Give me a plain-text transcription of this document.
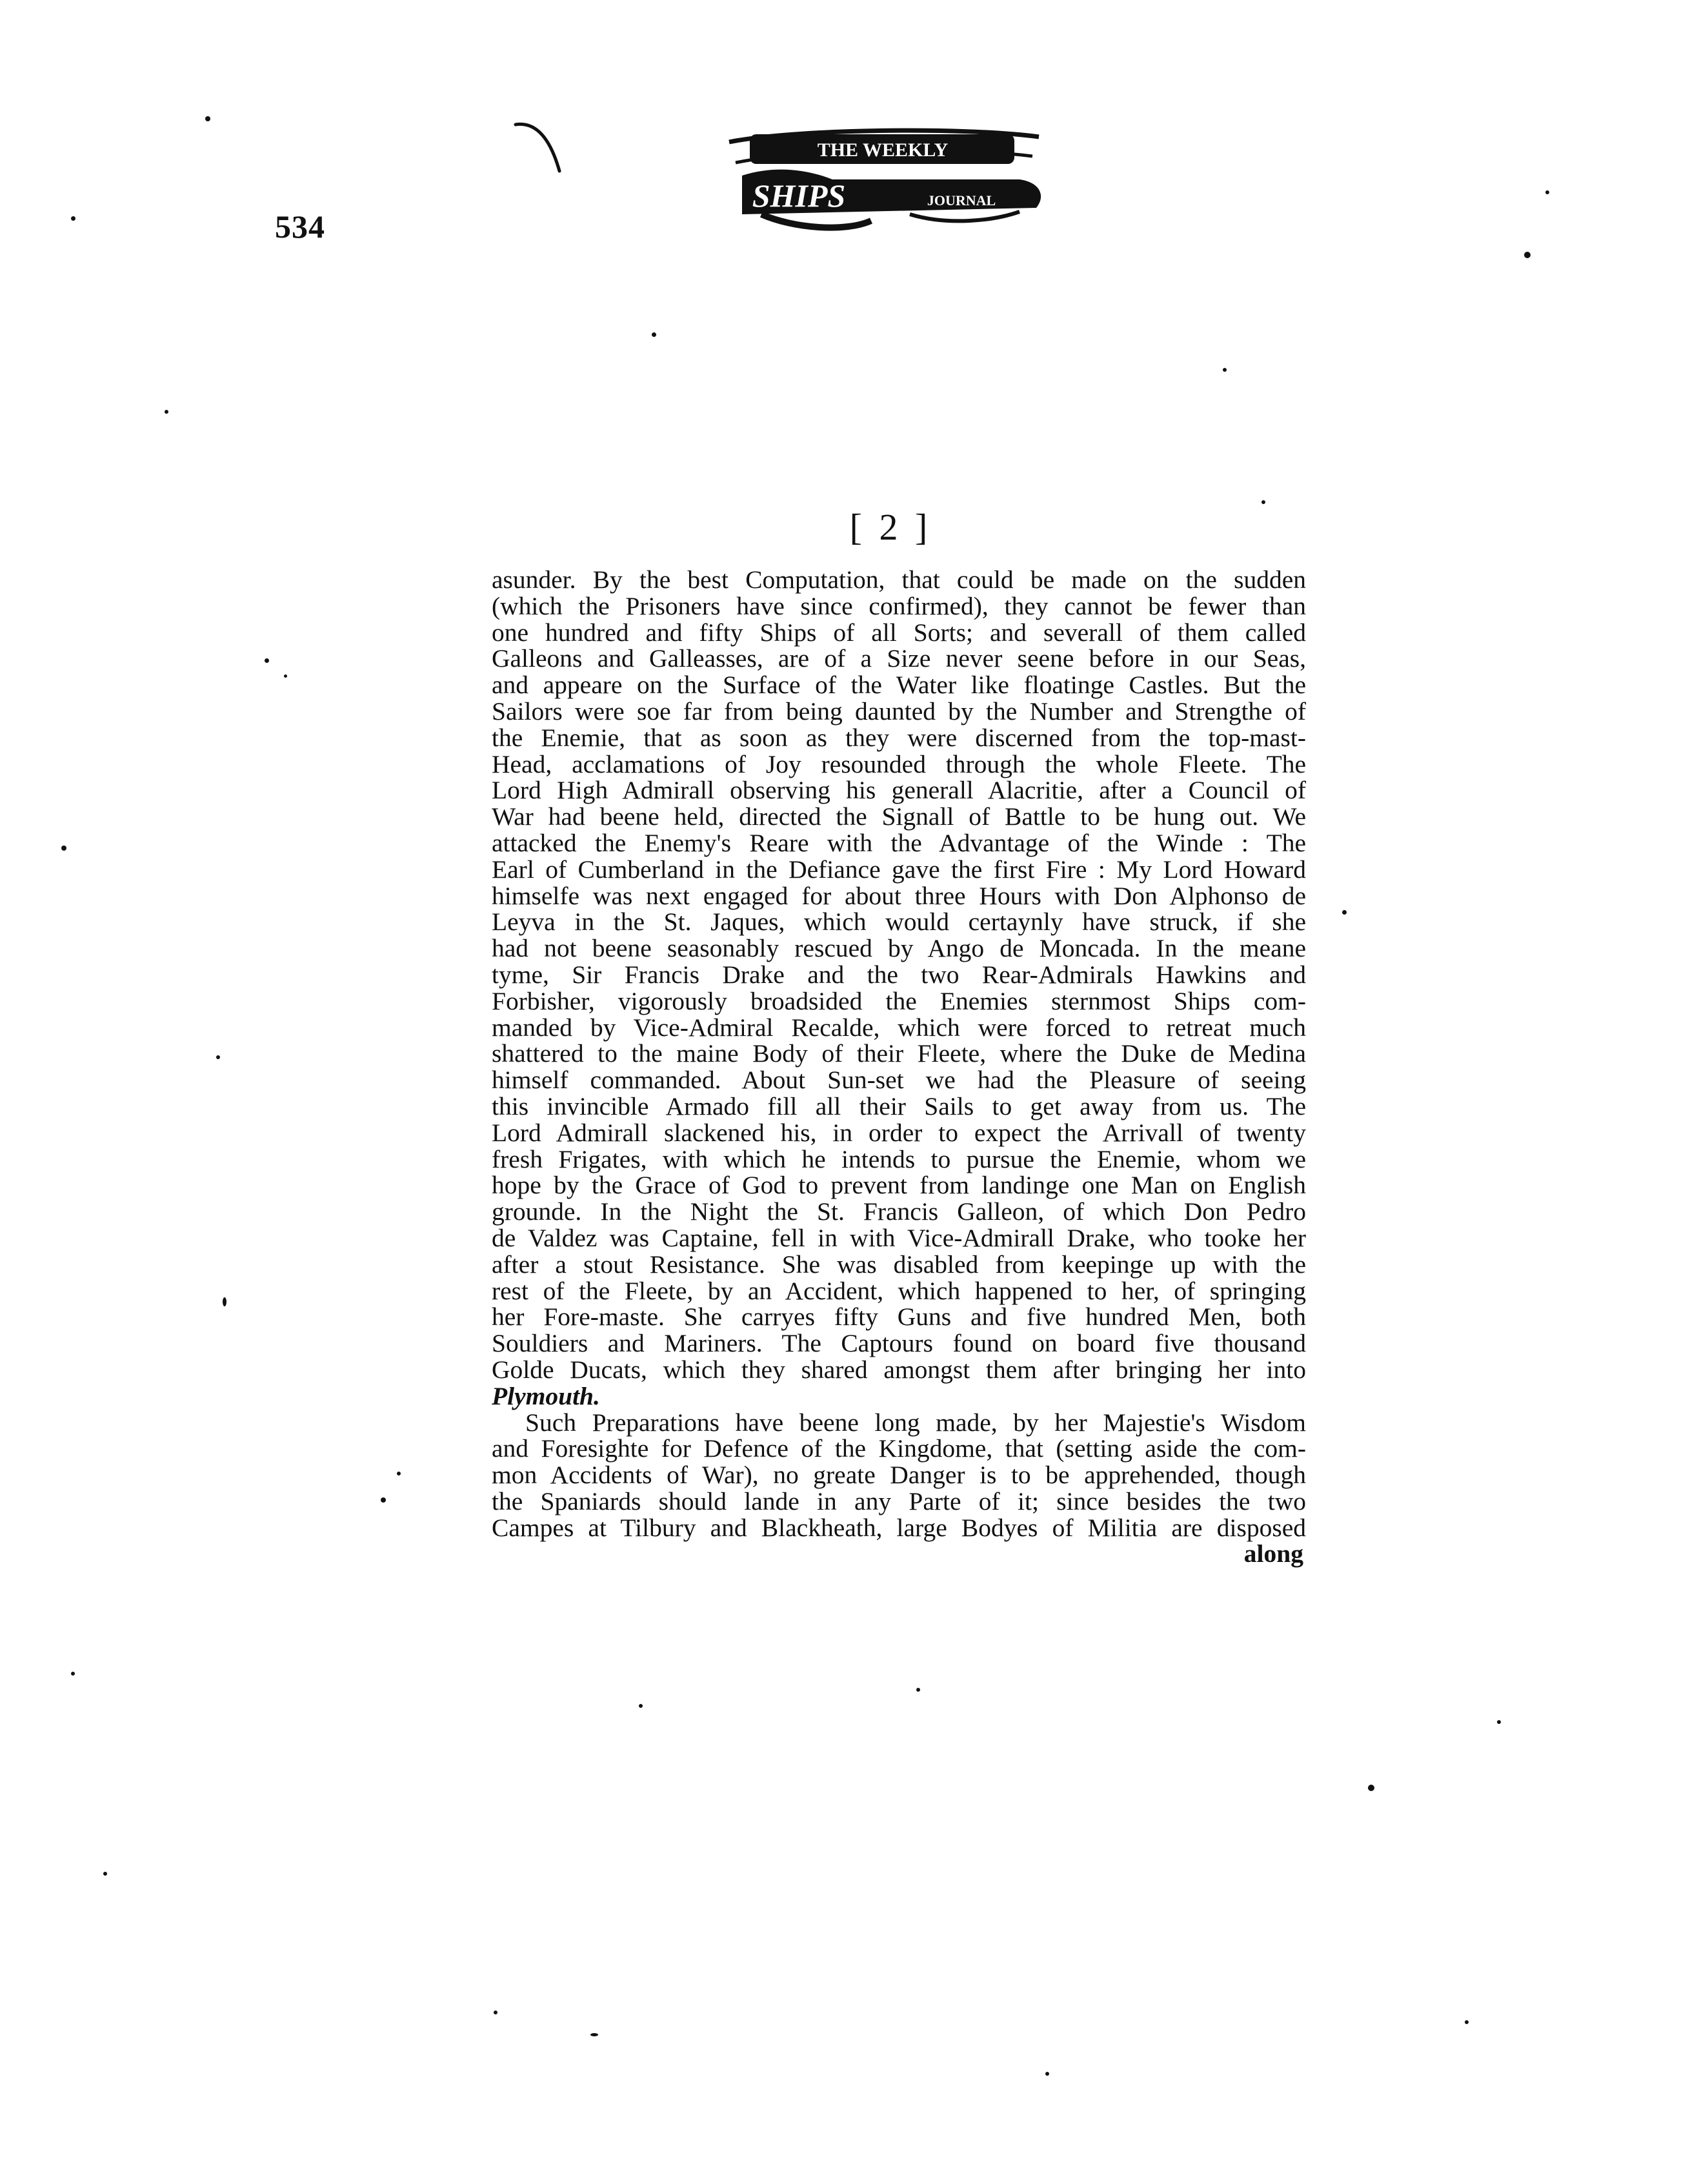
534
THE WEEKLY
SHIPS	JOURNAL
[ 2 ]
asunder. By the best Computation, that could be made on the sudden
(which the Prisoners have since confirmed), they cannot be fewer than
one hundred and fifty Ships of all Sorts; and severall of them called
Galleons and Galleasses, are of a Size never seene before in our Seas,
and appeare on the Surface of the Water like floatinge Castles. But the
Sailors were soe far from being daunted by the Number and Strengthe of
the Enemie, that as soon as they were discerned from the top-mast-
Head, acclamations of Joy resounded through the whole Fleete. The
Lord High Admirall observing his generall Alacritie, after a Council of
War had beene held, directed the Signall of Battle to be hung out. We
attacked the Enemy's Reare with the Advantage of the Winde : The
Earl of Cumberland in the Defiance gave the first Fire : My Lord Howard
himselfe was next engaged for about three Hours with Don Alphonso de
Leyva in the St. Jaques, which would certaynly have struck, if she
had not beene seasonably rescued by Ango de Moncada. In the meane
tyme, Sir Francis Drake and the two Rear-Admirals Hawkins and
Forbisher, vigorously broadsided the Enemies sternmost Ships com-
manded by Vice-Admiral Recalde, which were forced to retreat much
shattered to the maine Body of their Fleete, where the Duke de Medina
himself commanded. About Sun-set we had the Pleasure of seeing
this invincible Armado fill all their Sails to get away from us. The
Lord Admirall slackened his, in order to expect the Arrivall of twenty
fresh Frigates, with which he intends to pursue the Enemie, whom we
hope by the Grace of God to prevent from landinge one Man on English
grounde. In the Night the St. Francis Galleon, of which Don Pedro
de Valdez was Captaine, fell in with Vice-Admirall Drake, who tooke her
after a stout Resistance. She was disabled from keepinge up with the
rest of the Fleete, by an Accident, which happened to her, of springing
her Fore-maste. She carryes fifty Guns and five hundred Men, both
Souldiers and Mariners. The Captours found on board five thousand
Golde Ducats, which they shared amongst them after bringing her into
Plymouth.
Such Preparations have beene long made, by her Majestie's Wisdom
and Foresighte for Defence of the Kingdome, that (setting aside the com-
mon Accidents of War), no greate Danger is to be apprehended, though
the Spaniards should lande in any Parte of it; since besides the two
Campes at Tilbury and Blackheath, large Bodyes of Militia are disposed
along
